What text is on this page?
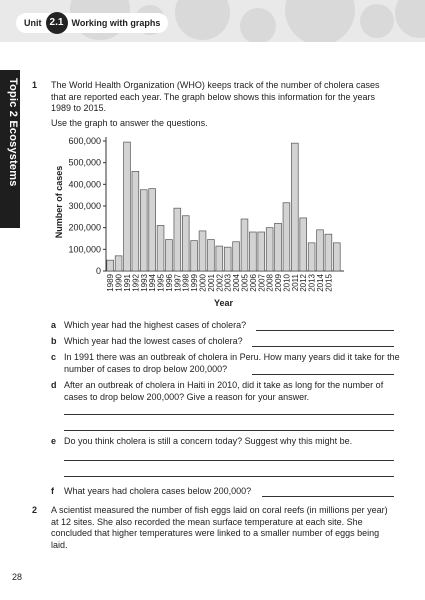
Unit 2.1 Working with graphs
Topic 2 Ecosystems 1 The World Health Organization (WHO) keeps track of the number of cholera cases that are reported each year. The graph below shows this information for the years 1989 to 2015.
Use the graph to answer the questions.
0
100,000
200,000
300,000
400,000
500,000
600,000
1989 1990 1991 1992 1993 1994 1995 1996 1997 1998 1999 2000 2001 2002 2003 2004 2005 2006 2007 2008 2009 2010 2011 2012 2013 2014 2015
Year
Number of cases
a Which year had the highest cases of cholera?
b Which year had the lowest cases of cholera?
c In 1991 there was an outbreak of cholera in Peru. How many years did it take for the number of cases to drop below 200,000?
d After an outbreak of cholera in Haiti in 2010, did it take as long for the number of cases to drop below 200,000? Give a reason for your answer.
e Do you think cholera is still a concern today? Suggest why this might be.
f What years had cholera cases below 200,000?
2 A scientist measured the number of fish eggs laid on coral reefs (in millions per year) at 12 sites. She also recorded the mean surface temperature at each site. She concluded that higher temperatures were linked to a smaller number of eggs being laid.
28
